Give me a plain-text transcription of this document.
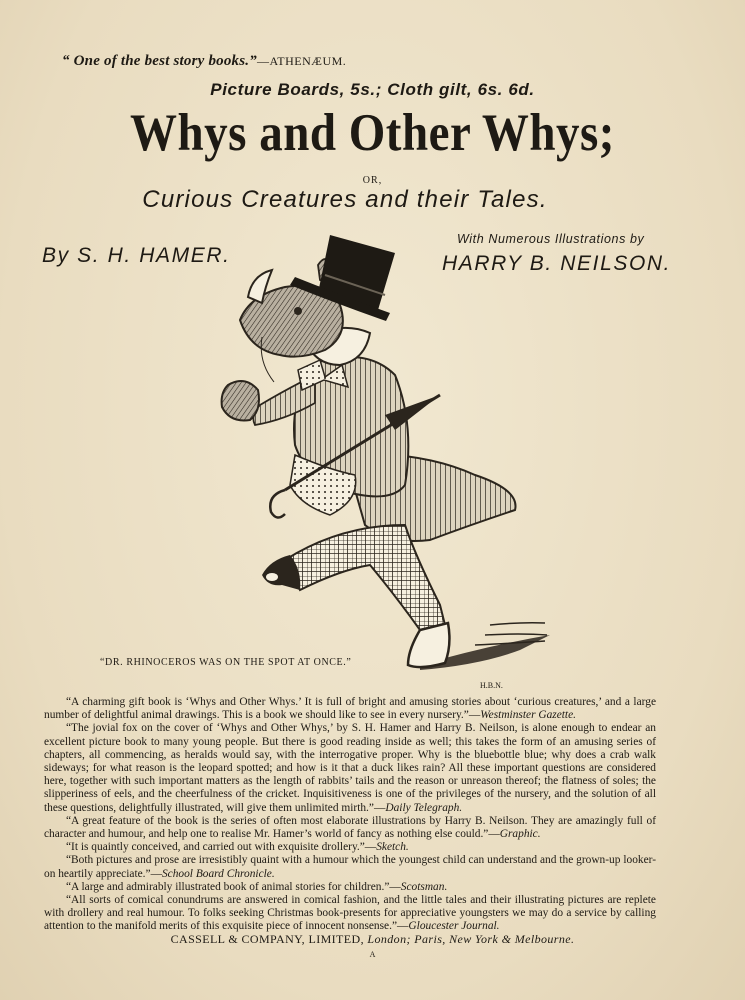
“ One of the best story books.”—ATHENÆUM.
Picture Boards, 5s.; Cloth gilt, 6s. 6d.
Whys and Other Whys;
OR,
Curious Creatures and their Tales.
By S. H. HAMER.
With Numerous Illustrations by
HARRY B. NEILSON.
“DR. RHINOCEROS WAS ON THE SPOT AT ONCE.”
H.B.N.

“A charming gift book is ‘Whys and Other Whys.’ It is full of bright and amusing stories about ‘curious creatures,’ and a large number of delightful animal drawings. This is a book we should like to see in every nursery.”—Westminster Gazette.

“The jovial fox on the cover of ‘Whys and Other Whys,’ by S. H. Hamer and Harry B. Neilson, is alone enough to endear an excellent picture book to many young people. But there is good reading inside as well; this takes the form of an amusing series of chapters, all commencing, as heralds would say, with the interrogative proper. Why is the bluebottle blue; why does a crab walk sideways; for what reason is the leopard spotted; and how is it that a duck likes rain? All these important questions are considered here, together with such important matters as the length of rabbits’ tails and the reason or unreason thereof; the flatness of soles; the slipperiness of eels, and the cheerfulness of the cricket. Inquisitiveness is one of the privileges of the nursery, and the solution of all these questions, delightfully illustrated, will give them unlimited mirth.”—Daily Telegraph.

“A great feature of the book is the series of often most elaborate illustrations by Harry B. Neilson. They are amazingly full of character and humour, and help one to realise Mr. Hamer’s world of fancy as nothing else could.”—Graphic.

“It is quaintly conceived, and carried out with exquisite drollery.”—Sketch.

“Both pictures and prose are irresistibly quaint with a humour which the youngest child can understand and the grown-up looker-on heartily appreciate.”—School Board Chronicle.

“A large and admirably illustrated book of animal stories for children.”—Scotsman.

“All sorts of comical conundrums are answered in comical fashion, and the little tales and their illustrating pictures are replete with drollery and real humour. To folks seeking Christmas book-presents for appreciative youngsters we may do a service by calling attention to the manifold merits of this exquisite piece of innocent nonsense.”—Gloucester Journal.

CASSELL & COMPANY, LIMITED, London; Paris, New York & Melbourne.
A
